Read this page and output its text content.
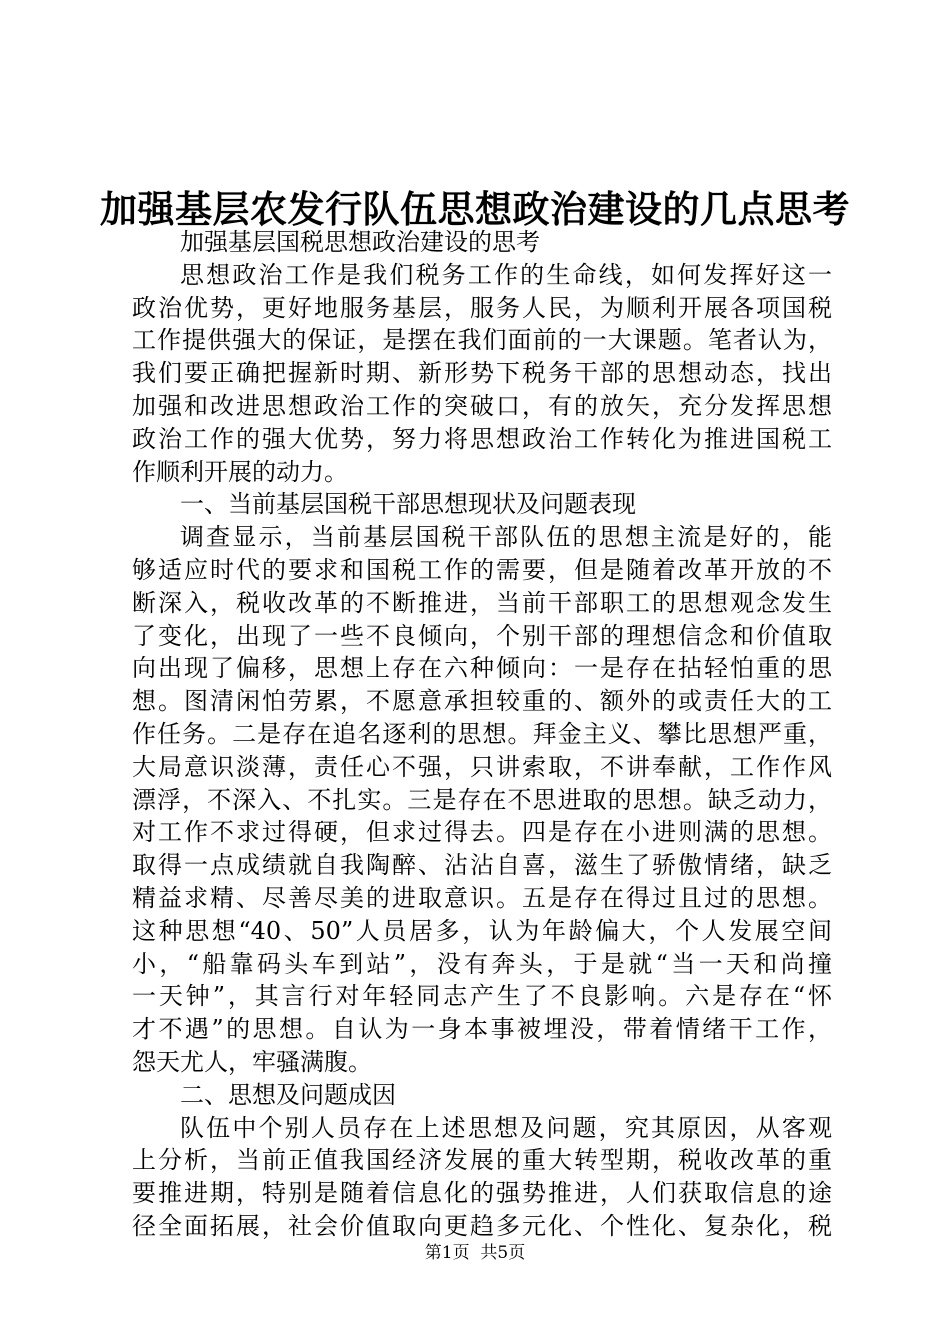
加强基层农发行队伍思想政治建设的几点思考
加强基层国税思想政治建设的思考
思想政治工作是我们税务工作的生命线，如何发挥好这一
政治优势，更好地服务基层，服务人民，为顺利开展各项国税
工作提供强大的保证，是摆在我们面前的一大课题。笔者认为，
我们要正确把握新时期、新形势下税务干部的思想动态，找出
加强和改进思想政治工作的突破口，有的放矢，充分发挥思想
政治工作的强大优势，努力将思想政治工作转化为推进国税工
作顺利开展的动力。
一、当前基层国税干部思想现状及问题表现
调查显示，当前基层国税干部队伍的思想主流是好的，能
够适应时代的要求和国税工作的需要，但是随着改革开放的不
断深入，税收改革的不断推进，当前干部职工的思想观念发生
了变化，出现了一些不良倾向，个别干部的理想信念和价值取
向出现了偏移，思想上存在六种倾向：一是存在拈轻怕重的思
想。图清闲怕劳累，不愿意承担较重的、额外的或责任大的工
作任务。二是存在追名逐利的思想。拜金主义、攀比思想严重，
大局意识淡薄，责任心不强，只讲索取，不讲奉献，工作作风
漂浮，不深入、不扎实。三是存在不思进取的思想。缺乏动力，
对工作不求过得硬，但求过得去。四是存在小进则满的思想。
取得一点成绩就自我陶醉、沾沾自喜，滋生了骄傲情绪，缺乏
精益求精、尽善尽美的进取意识。五是存在得过且过的思想。
这种思想“40、50”人员居多，认为年龄偏大，个人发展空间
小，“船靠码头车到站”，没有奔头，于是就“当一天和尚撞
一天钟”，其言行对年轻同志产生了不良影响。六是存在“怀
才不遇”的思想。自认为一身本事被埋没，带着情绪干工作，
怨天尤人，牢骚满腹。
二、思想及问题成因
队伍中个别人员存在上述思想及问题，究其原因，从客观
上分析，当前正值我国经济发展的重大转型期，税收改革的重
要推进期，特别是随着信息化的强势推进，人们获取信息的途
径全面拓展，社会价值取向更趋多元化、个性化、复杂化，税
第1页  共5页
